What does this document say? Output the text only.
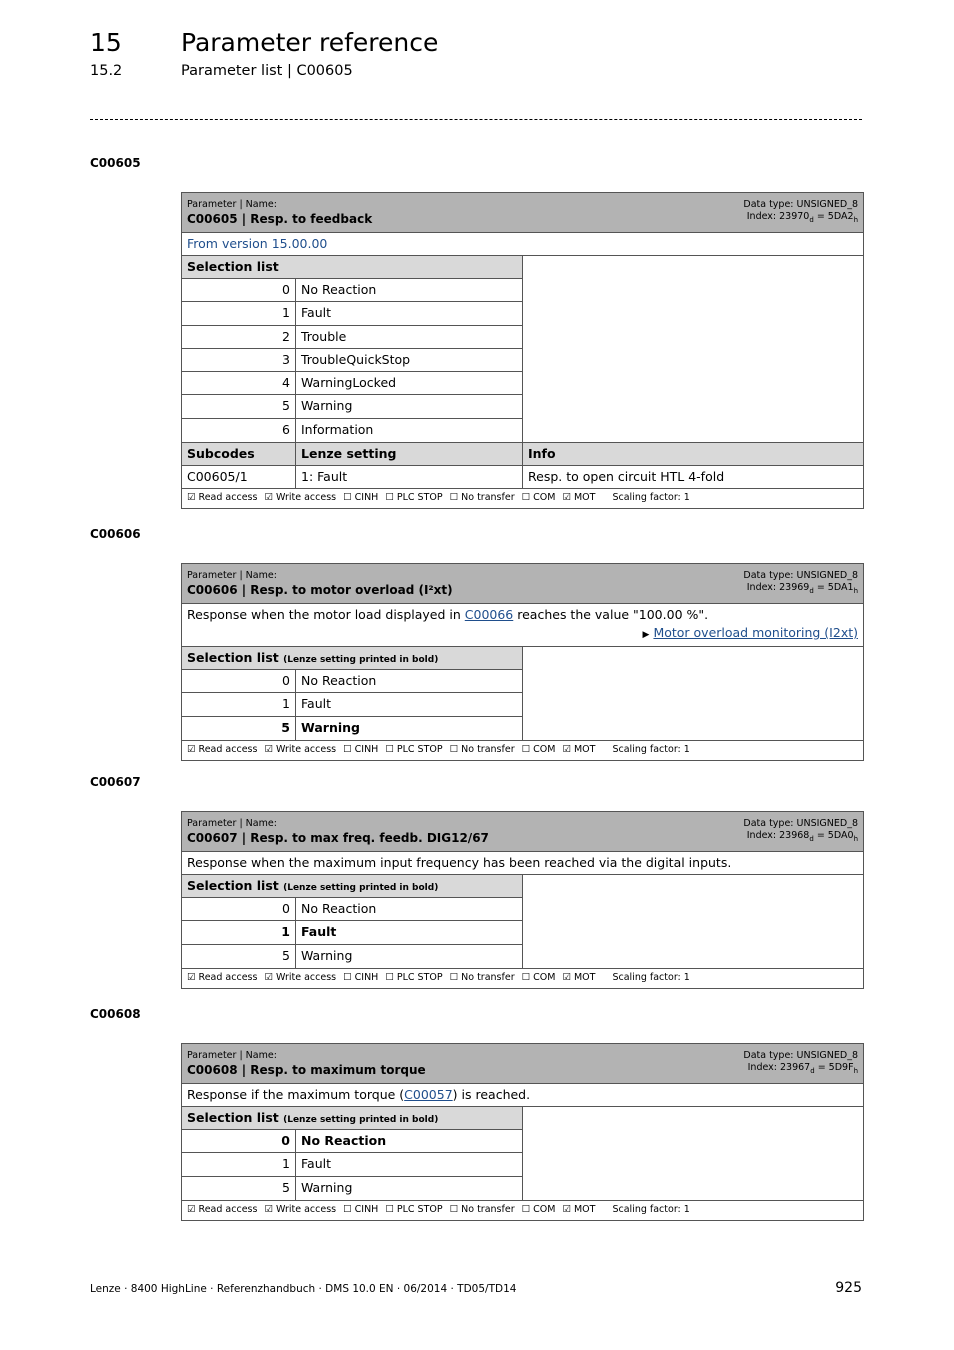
15 Parameter reference
15.2	Parameter list | C00605
C00605
Parameter | Name:
C00605 | Resp. to feedback
Data type: UNSIGNED_8
Index: $23970_d = 5DA2_h$
From version 15.00.00
Selection list
0 No Reaction
1 Fault
2 Trouble
3 TroubleQuickStop
4 WarningLocked
5 Warning
6 Information
Subcodes	Lenze setting	Info
C00605/1	1: Fault	Resp. to open circuit HTL 4-fold
☑ Read access ☑ Write access ☐ CINH ☐ PLC STOP ☐ No transfer ☐ COM ☑ MOT Scaling factor: 1
C00606
Parameter | Name:
C00606 | Resp. to motor overload (I²xt)
Data type: UNSIGNED_8
Index: $23969_d = 5DA1_h$
Response when the motor load displayed in C00066 reaches the value "100.00 %".
▶ Motor overload monitoring (I2xt)
Selection list (Lenze setting printed in bold)
0 No Reaction
1 Fault
5 Warning
☑ Read access ☑ Write access ☐ CINH ☐ PLC STOP ☐ No transfer ☐ COM ☑ MOT Scaling factor: 1
C00607
Parameter | Name:
C00607 | Resp. to max freq. feedb. DIG12/67
Data type: UNSIGNED_8
Index: $23968_d = 5DA0_h$
Response when the maximum input frequency has been reached via the digital inputs.
Selection list (Lenze setting printed in bold)
0 No Reaction
1 Fault
5 Warning
☑ Read access ☑ Write access ☐ CINH ☐ PLC STOP ☐ No transfer ☐ COM ☑ MOT Scaling factor: 1
C00608
Parameter | Name:
C00608 | Resp. to maximum torque
Data type: UNSIGNED_8
Index: $23967_d = 5D9F_h$
Response if the maximum torque (C00057) is reached.
Selection list (Lenze setting printed in bold)
0 No Reaction
1 Fault
5 Warning
☑ Read access ☑ Write access ☐ CINH ☐ PLC STOP ☐ No transfer ☐ COM ☑ MOT Scaling factor: 1
Lenze · 8400 HighLine · Referenzhandbuch · DMS 10.0 EN · 06/2014 · TD05/TD14	925
